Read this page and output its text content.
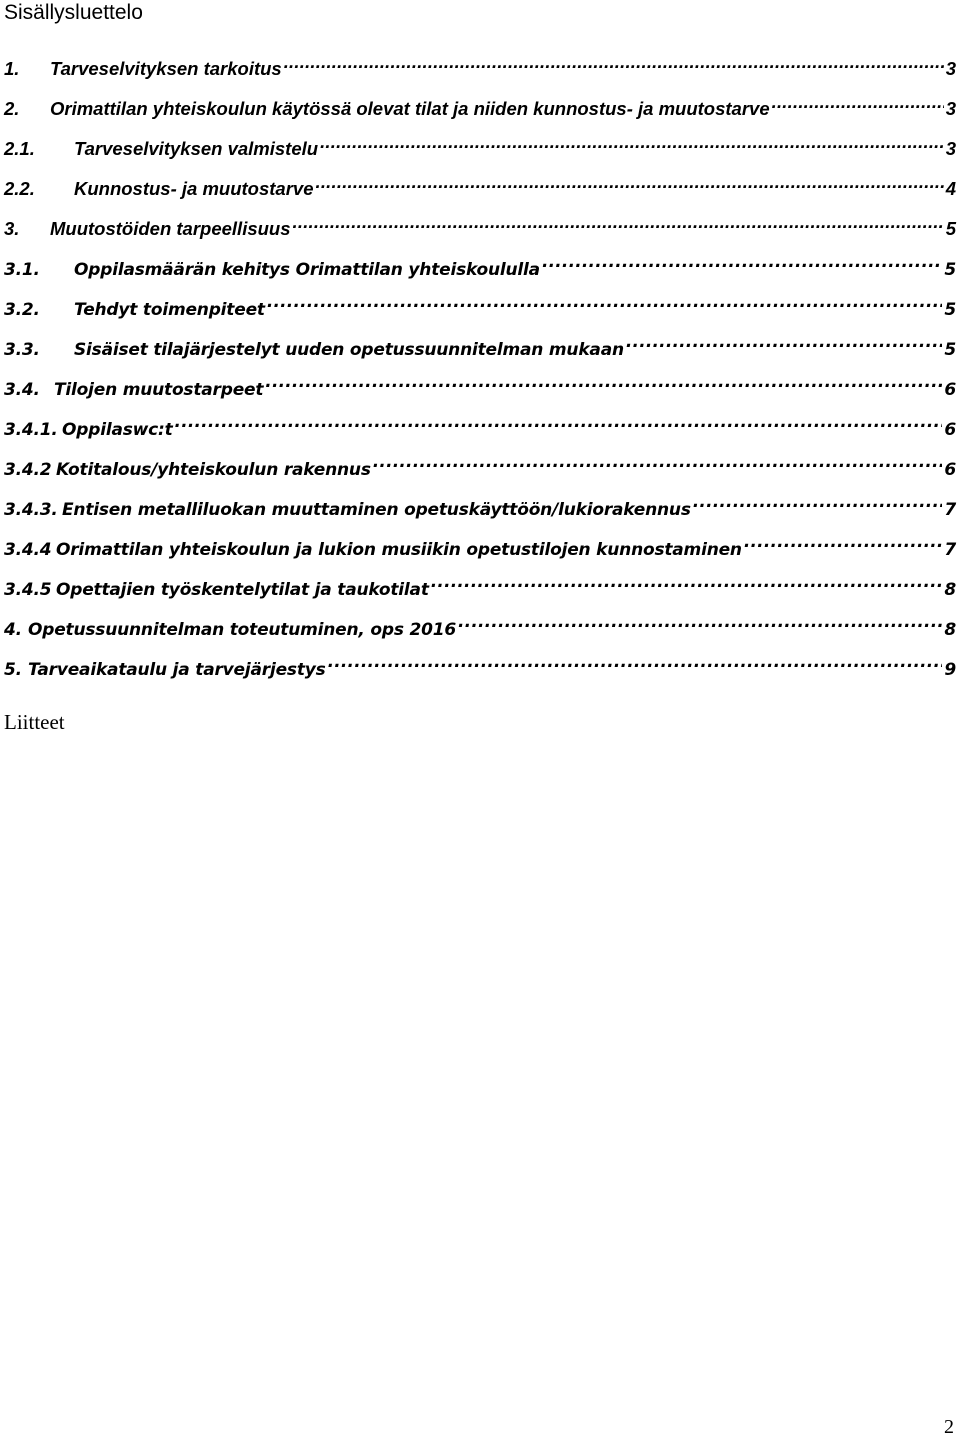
Sisällysluettelo
1.	Tarveselvityksen tarkoitus .....	3
2.	Orimattilan yhteiskoulun käytössä olevat tilat ja niiden kunnostus- ja muutostarve .....	3
2.1.	Tarveselvityksen valmistelu .....	3
2.2.	Kunnostus- ja muutostarve .....	4
3.	Muutostöiden tarpeellisuus .....	5
3.1.	Oppilasmäärän kehitys Orimattilan yhteiskoululla .....	5
3.2.	Tehdyt toimenpiteet .....	5
3.3.	Sisäiset tilajärjestelyt uuden opetussuunnitelman mukaan .....	5
3.4. Tilojen muutostarpeet .....	6
3.4.1. Oppilaswc:t .....	6
3.4.2 Kotitalous/yhteiskoulun rakennus .....	6
3.4.3. Entisen metalliluokan muuttaminen opetuskäyttöön/lukiorakennus .....	7
3.4.4 Orimattilan yhteiskoulun ja lukion musiikin opetustilojen kunnostaminen .....	7
3.4.5 Opettajien työskentelytilat ja taukotilat .....	8
4. Opetussuunnitelman toteutuminen, ops 2016 .....	8
5. Tarveaikataulu ja tarvejärjestys .....	9
Liitteet
2
